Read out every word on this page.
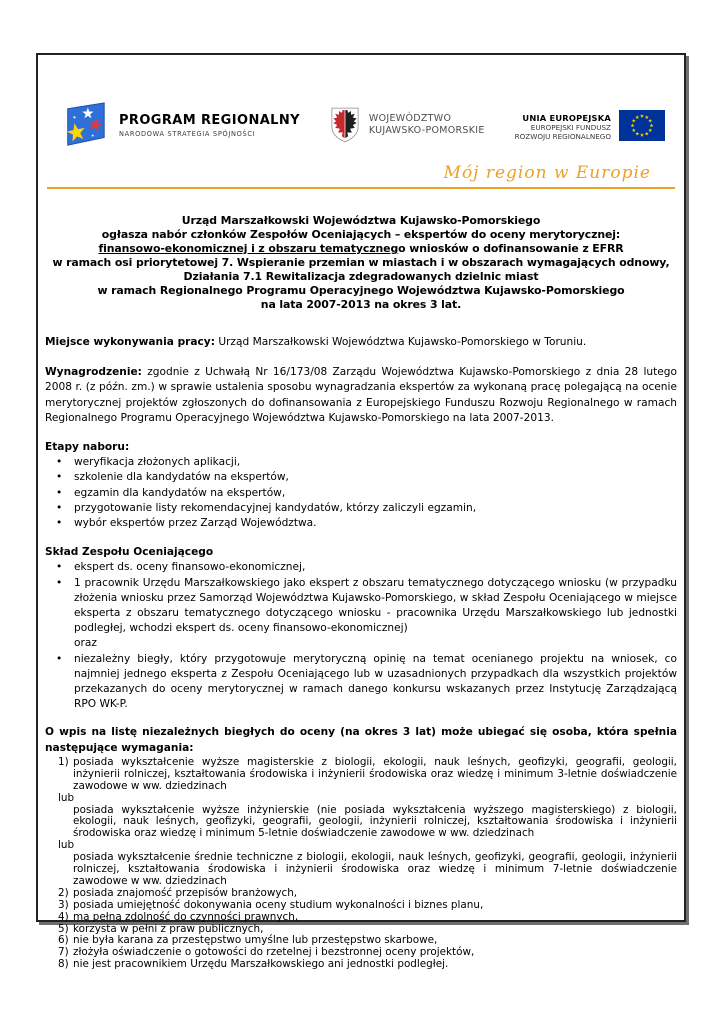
PROGRAM REGIONALNY
NARODOWA STRATEGIA SPÓJNOŚCI
WOJEWÓDZTWO
KUJAWSKO-POMORSKIE
UNIA EUROPEJSKA
EUROPEJSKI FUNDUSZ
ROZWOJU REGIONALNEGO
Mój region w Europie
Urząd Marszałkowski Województwa Kujawsko-Pomorskiego
ogłasza nabór członków Zespołów Oceniających – ekspertów do oceny merytorycznej:
finansowo-ekonomicznej i z obszaru tematycznego wniosków o dofinansowanie z EFRR
w ramach osi priorytetowej 7. Wspieranie przemian w miastach i w obszarach wymagających odnowy,
Działania 7.1 Rewitalizacja zdegradowanych dzielnic miast
w ramach Regionalnego Programu Operacyjnego Województwa Kujawsko-Pomorskiego
na lata 2007-2013 na okres 3 lat.

Miejsce wykonywania pracy: Urząd Marszałkowski Województwa Kujawsko-Pomorskiego w Toruniu.

Wynagrodzenie: zgodnie z Uchwałą Nr 16/173/08 Zarządu Województwa Kujawsko-Pomorskiego z dnia 28 lutego 2008 r. (z późn. zm.) w sprawie ustalenia sposobu wynagradzania ekspertów za wykonaną pracę polegającą na ocenie merytorycznej projektów zgłoszonych do dofinansowania z Europejskiego Funduszu Rozwoju Regionalnego w ramach Regionalnego Programu Operacyjnego Województwa Kujawsko-Pomorskiego na lata 2007-2013.

Etapy naboru:

•	weryfikacja złożonych aplikacji,
•	szkolenie dla kandydatów na ekspertów,
•	egzamin dla kandydatów na ekspertów,
•	przygotowanie listy rekomendacyjnej kandydatów, którzy zaliczyli egzamin,
•	wybór ekspertów przez Zarząd Województwa.

Skład Zespołu Oceniającego

•	ekspert ds. oceny finansowo-ekonomicznej,
•	1 pracownik Urzędu Marszałkowskiego jako ekspert z obszaru tematycznego dotyczącego wniosku (w przypadku złożenia wniosku przez Samorząd Województwa Kujawsko-Pomorskiego, w skład Zespołu Oceniającego w miejsce eksperta z obszaru tematycznego dotyczącego wniosku - pracownika Urzędu Marszałkowskiego lub jednostki podległej, wchodzi ekspert ds. oceny finansowo-ekonomicznej)
oraz
•	niezależny biegły, który przygotowuje merytoryczną opinię na temat ocenianego projektu na wniosek, co najmniej jednego eksperta z Zespołu Oceniającego lub w uzasadnionych przypadkach dla wszystkich projektów przekazanych do oceny merytorycznej w ramach danego konkursu wskazanych przez Instytucję Zarządzającą RPO WK-P.

O wpis na listę niezależnych biegłych do oceny (na okres 3 lat) może ubiegać się osoba, która spełnia następujące wymagania:

1) posiada wykształcenie wyższe magisterskie z biologii, ekologii, nauk leśnych, geofizyki, geografii, geologii, inżynierii rolniczej, kształtowania środowiska i inżynierii środowiska oraz wiedzę i minimum 3-letnie doświadczenie zawodowe w ww. dziedzinach
lub
posiada wykształcenie wyższe inżynierskie (nie posiada wykształcenia wyższego magisterskiego) z biologii, ekologii, nauk leśnych, geofizyki, geografii, geologii, inżynierii rolniczej, kształtowania środowiska i inżynierii środowiska oraz wiedzę i minimum 5-letnie doświadczenie zawodowe w ww. dziedzinach
lub
posiada wykształcenie średnie techniczne z biologii, ekologii, nauk leśnych, geofizyki, geografii, geologii, inżynierii rolniczej, kształtowania środowiska i inżynierii środowiska oraz wiedzę i minimum 7-letnie doświadczenie zawodowe w ww. dziedzinach
2) posiada znajomość przepisów branżowych,
3) posiada umiejętność dokonywania oceny studium wykonalności i biznes planu,
4) ma pełną zdolność do czynności prawnych,
5) korzysta w pełni z praw publicznych,
6) nie była karana za przestępstwo umyślne lub przestępstwo skarbowe,
7) złożyła oświadczenie o gotowości do rzetelnej i bezstronnej oceny projektów,
8) nie jest pracownikiem Urzędu Marszałkowskiego ani jednostki podległej.
